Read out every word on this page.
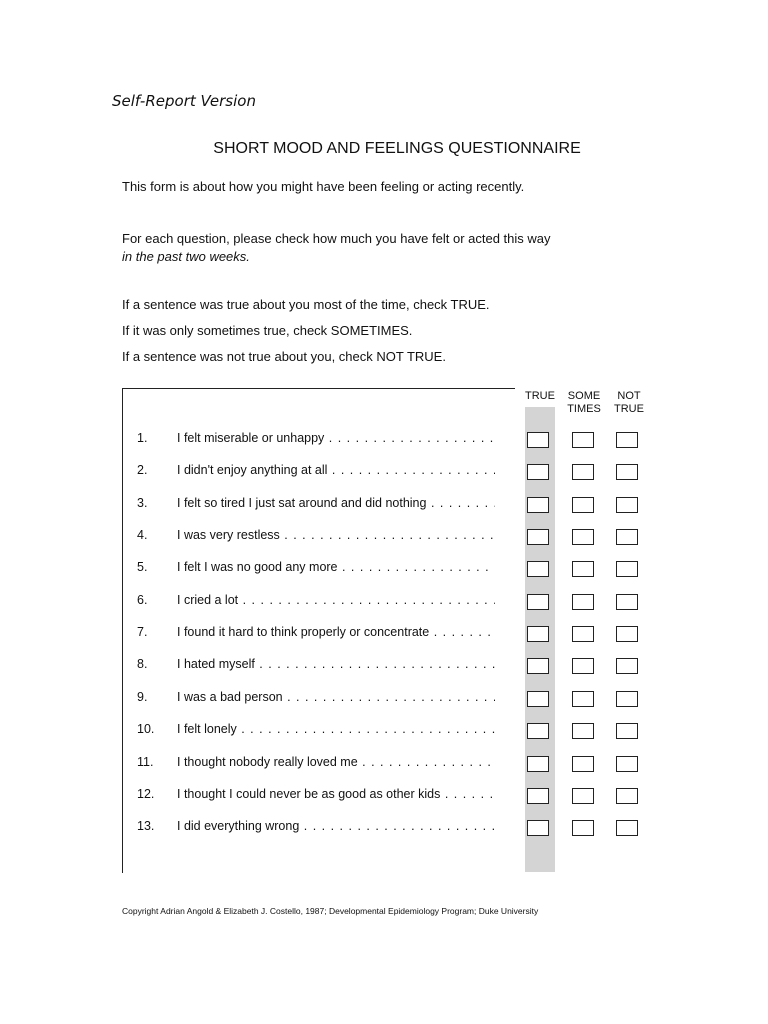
Self-Report Version
SHORT MOOD AND FEELINGS QUESTIONNAIRE
This form is about how you might have been feeling or acting recently.
For each question, please check how much you have felt or acted this way
in the past two weeks.
If a sentence was true about you most of the time, check TRUE.
If it was only sometimes true, check SOMETIMES.
If a sentence was not true about you, check NOT TRUE.
TRUE	SOME
TIMES
NOT
TRUE
1. I felt miserable or unhappy . . .
2. I didn't enjoy anything at all . . .
3. I felt so tired I just sat around and did nothing . . .
4. I was very restless . . .
5. I felt I was no good any more . . .
6. I cried a lot . . .
7. I found it hard to think properly or concentrate . . .
8. I hated myself . . .
9. I was a bad person . . .
10. I felt lonely . . .
11. I thought nobody really loved me . . .
12. I thought I could never be as good as other kids . . .
13. I did everything wrong . . .
Copyright Adrian Angold & Elizabeth J. Costello, 1987; Developmental Epidemiology Program; Duke University
